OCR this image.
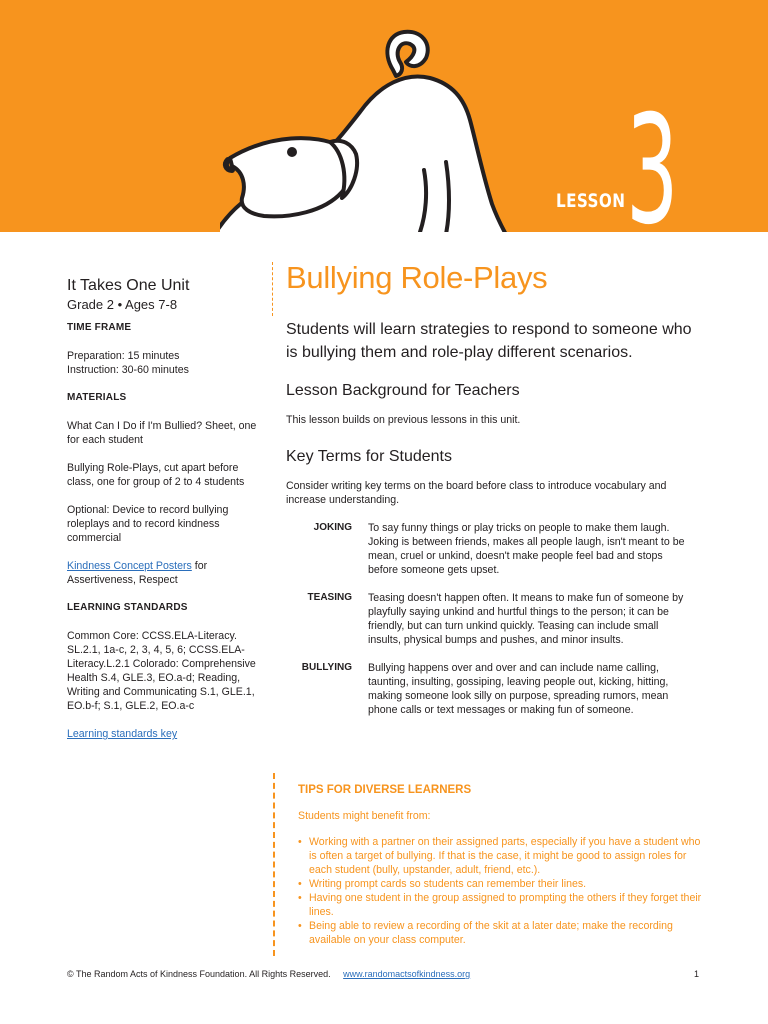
LESSON 3
It Takes One Unit
Grade 2 • Ages 7-8
TIME FRAME
Preparation: 15 minutes
Instruction: 30-60 minutes
MATERIALS
What Can I Do if I'm Bullied? Sheet, one for each student
Bullying Role-Plays, cut apart before class, one for group of 2 to 4 students
Optional: Device to record bullying roleplays and to record kindness commercial
Kindness Concept Posters for Assertiveness, Respect
LEARNING STANDARDS
Common Core: CCSS.ELA-Literacy. SL.2.1, 1a-c, 2, 3, 4, 5, 6; CCSS.ELA-Literacy.L.2.1 Colorado: Comprehensive Health S.4, GLE.3, EO.a-d; Reading, Writing and Communicating S.1, GLE.1, EO.b-f; S.1, GLE.2, EO.a-c
Learning standards key
Bullying Role-Plays
Students will learn strategies to respond to someone who is bullying them and role-play different scenarios.
Lesson Background for Teachers
This lesson builds on previous lessons in this unit.
Key Terms for Students
Consider writing key terms on the board before class to introduce vocabulary and increase understanding.
JOKING	To say funny things or play tricks on people to make them laugh. Joking is between friends, makes all people laugh, isn't meant to be mean, cruel or unkind, doesn't make people feel bad and stops before someone gets upset.
TEASING	Teasing doesn't happen often. It means to make fun of someone by playfully saying unkind and hurtful things to the person; it can be friendly, but can turn unkind quickly. Teasing can include small insults, physical bumps and pushes, and minor insults.
BULLYING	Bullying happens over and over and can include name calling, taunting, insulting, gossiping, leaving people out, kicking, hitting, making someone look silly on purpose, spreading rumors, mean phone calls or text messages or making fun of someone.
TIPS FOR DIVERSE LEARNERS
Students might benefit from:
• Working with a partner on their assigned parts, especially if you have a student who is often a target of bullying. If that is the case, it might be good to assign roles for each student (bully, upstander, adult, friend, etc.).
• Writing prompt cards so students can remember their lines.
• Having one student in the group assigned to prompting the others if they forget their lines.
• Being able to review a recording of the skit at a later date; make the recording available on your class computer.
© The Random Acts of Kindness Foundation. All Rights Reserved. www.randomactsofkindness.org	1
